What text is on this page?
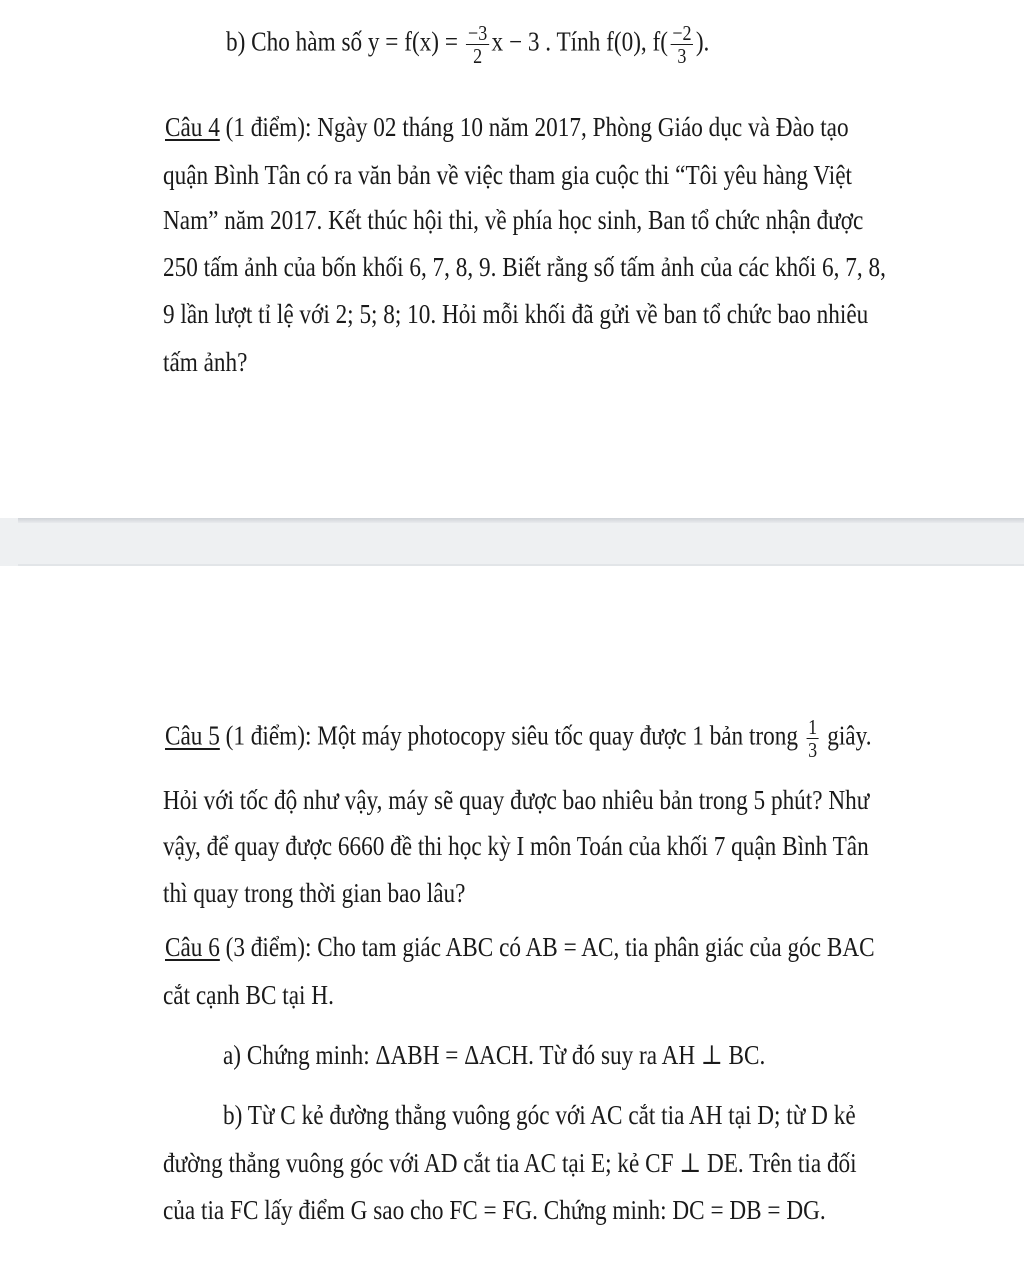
b) Cho hàm số $y = f(x) = \frac{-3}{2}$ x − 3 . Tính f(0), $f( \frac{-2}{3}$ ).
Câu 4 (1 điểm): Ngày 02 tháng 10 năm 2017, Phòng Giáo dục và Đào tạo
quận Bình Tân có ra văn bản về việc tham gia cuộc thi “Tôi yêu hàng Việt
Nam” năm 2017. Kết thúc hội thi, về phía học sinh, Ban tổ chức nhận được
250 tấm ảnh của bốn khối 6, 7, 8, 9. Biết rằng số tấm ảnh của các khối 6, 7, 8,
9 lần lượt tỉ lệ với 2; 5; 8; 10. Hỏi mỗi khối đã gửi về ban tổ chức bao nhiêu
tấm ảnh?
Câu 5 (1 điểm): Một máy photocopy siêu tốc quay được 1 bản trong $\frac{1}{3}$ giây.
Hỏi với tốc độ như vậy, máy sẽ quay được bao nhiêu bản trong 5 phút? Như
vậy, để quay được 6660 đề thi học kỳ I môn Toán của khối 7 quận Bình Tân
thì quay trong thời gian bao lâu?
Câu 6 (3 điểm): Cho tam giác ABC có AB = AC, tia phân giác của góc BAC
cắt cạnh BC tại H.
a) Chứng minh: ΔABH = ΔACH. Từ đó suy ra AH ⊥ BC.
b) Từ C kẻ đường thẳng vuông góc với AC cắt tia AH tại D; từ D kẻ
đường thẳng vuông góc với AD cắt tia AC tại E; kẻ CF ⊥ DE. Trên tia đối
của tia FC lấy điểm G sao cho FC = FG. Chứng minh: DC = DB = DG.
